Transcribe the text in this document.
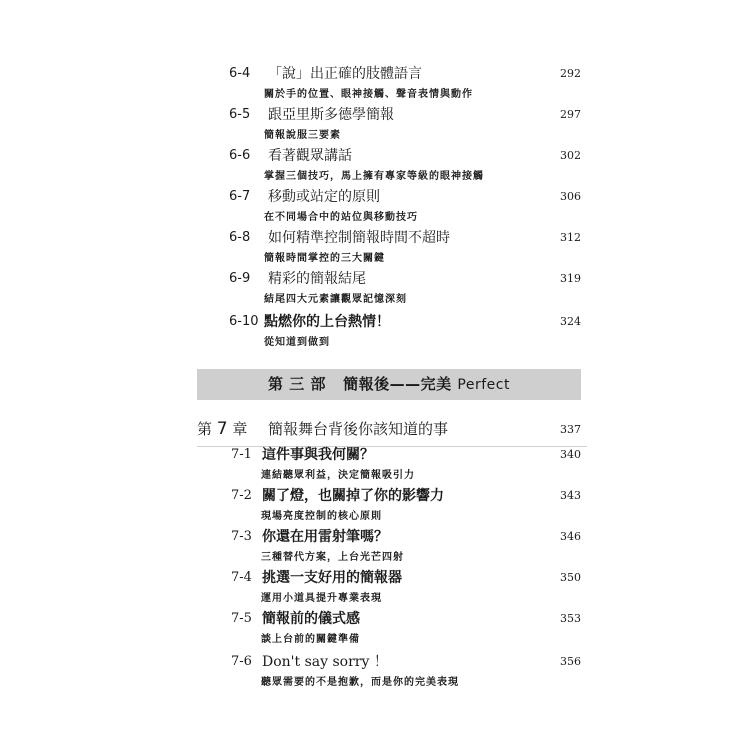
6-4 「說」出正確的肢體語言
關於手的位置、眼神接觸、聲音表情與動作
292
6-5 跟亞里斯多德學簡報
簡報說服三要素
297
6-6 看著觀眾講話
掌握三個技巧，馬上擁有專家等級的眼神接觸
302
6-7 移動或站定的原則
在不同場合中的站位與移動技巧
306
6-8 如何精準控制簡報時間不超時
簡報時間掌控的三大關鍵
312
6-9 精彩的簡報結尾
結尾四大元素讓觀眾記憶深刻
319
6-10 點燃你的上台熱情！
從知道到做到
324
第 三 部 簡報後——完美 Perfect
第 7 章 簡報舞台背後你該知道的事	337
7-1 這件事與我何關？
連結聽眾利益，決定簡報吸引力
340
7-2 關了燈，也關掉了你的影響力
現場亮度控制的核心原則
343
7-3 你還在用雷射筆嗎？
三種替代方案，上台光芒四射
346
7-4 挑選一支好用的簡報器
運用小道具提升專業表現
350
7-5 簡報前的儀式感
談上台前的關鍵準備
353
7-6 Don't say sorry ！
聽眾需要的不是抱歉，而是你的完美表現
356
